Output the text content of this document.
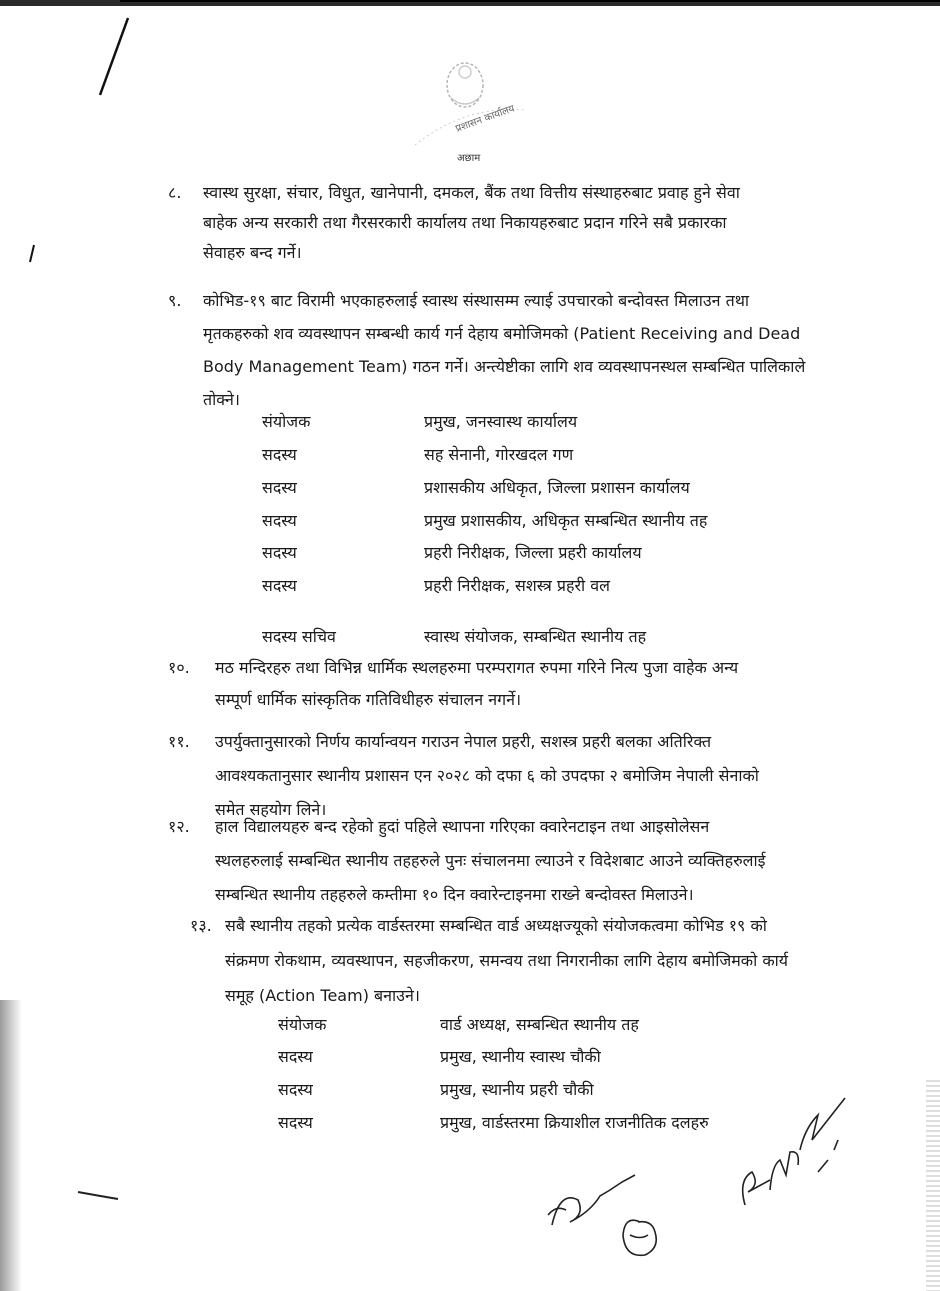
प्रशासन कार्यालय
अछाम
८. स्वास्थ सुरक्षा, संचार, विधुत, खानेपानी, दमकल, बैंक तथा वित्तीय संस्थाहरुबाट प्रवाह हुने सेवा
बाहेक अन्य सरकारी तथा गैरसरकारी कार्यालय तथा निकायहरुबाट प्रदान गरिने सबै प्रकारका
सेवाहरु बन्द गर्ने।
९. कोभिड-१९ बाट विरामी भएकाहरुलाई स्वास्थ संस्थासम्म ल्याई उपचारको बन्दोवस्त मिलाउन तथा
मृतकहरुको शव व्यवस्थापन सम्बन्धी कार्य गर्न देहाय बमोजिमको (Patient Receiving and Dead
Body Management Team) गठन गर्ने। अन्त्येष्टीका लागि शव व्यवस्थापनस्थल सम्बन्धित पालिकाले
तोक्ने।
संयोजक	प्रमुख, जनस्वास्थ कार्यालय
सदस्य	सह सेनानी, गोरखदल गण
सदस्य	प्रशासकीय अधिकृत, जिल्ला प्रशासन कार्यालय
सदस्य	प्रमुख प्रशासकीय, अधिकृत सम्बन्धित स्थानीय तह
सदस्य	प्रहरी निरीक्षक, जिल्ला प्रहरी कार्यालय
सदस्य	प्रहरी निरीक्षक, सशस्त्र प्रहरी वल
सदस्य सचिव	स्वास्थ संयोजक, सम्बन्धित स्थानीय तह
१०. मठ मन्दिरहरु तथा विभिन्न धार्मिक स्थलहरुमा परम्परागत रुपमा गरिने नित्य पुजा वाहेक अन्य
सम्पूर्ण धार्मिक सांस्कृतिक गतिविधीहरु संचालन नगर्ने।
११. उपर्युक्तानुसारको निर्णय कार्यान्वयन गराउन नेपाल प्रहरी, सशस्त्र प्रहरी बलका अतिरिक्त
आवश्यकतानुसार स्थानीय प्रशासन एन २०२८ को दफा ६ को उपदफा २ बमोजिम नेपाली सेनाको
समेत सहयोग लिने।
१२. हाल विद्यालयहरु बन्द रहेको हुदां पहिले स्थापना गरिएका क्वारेनटाइन तथा आइसोलेसन
स्थलहरुलाई सम्बन्धित स्थानीय तहहरुले पुनः संचालनमा ल्याउने र विदेशबाट आउने व्यक्तिहरुलाई
सम्बन्धित स्थानीय तहहरुले कम्तीमा १० दिन क्वारेन्टाइनमा राख्ने बन्दोवस्त मिलाउने।
१३. सबै स्थानीय तहको प्रत्येक वार्डस्तरमा सम्बन्धित वार्ड अध्यक्षज्यूको संयोजकत्वमा कोभिड १९ को
संक्रमण रोकथाम, व्यवस्थापन, सहजीकरण, समन्वय तथा निगरानीका लागि देहाय बमोजिमको कार्य
समूह (Action Team) बनाउने।
संयोजक	वार्ड अध्यक्ष, सम्बन्धित स्थानीय तह
सदस्य	प्रमुख, स्थानीय स्वास्थ चौकी
सदस्य	प्रमुख, स्थानीय प्रहरी चौकी
सदस्य	प्रमुख, वार्डस्तरमा क्रियाशील राजनीतिक दलहरु
